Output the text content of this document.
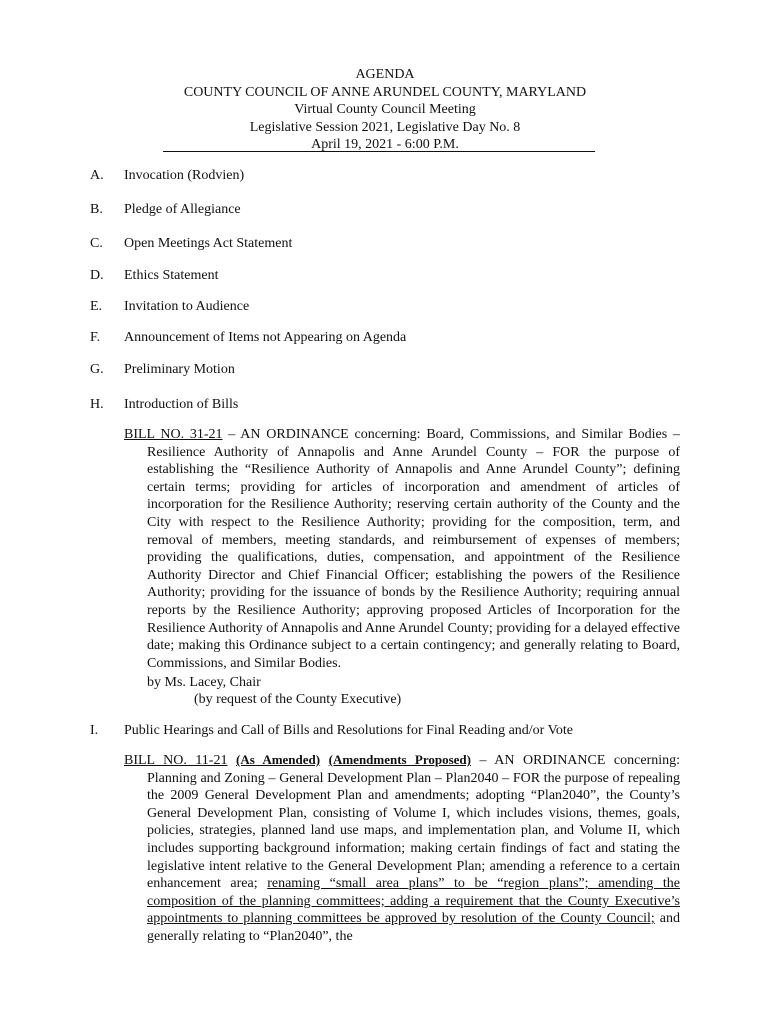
AGENDA
COUNTY COUNCIL OF ANNE ARUNDEL COUNTY, MARYLAND
Virtual County Council Meeting
Legislative Session 2021, Legislative Day No. 8
April 19, 2021 - 6:00 P.M.
A. Invocation (Rodvien)
B. Pledge of Allegiance
C. Open Meetings Act Statement
D. Ethics Statement
E. Invitation to Audience
F. Announcement of Items not Appearing on Agenda
G. Preliminary Motion
H. Introduction of Bills
BILL NO. 31-21 – AN ORDINANCE concerning: Board, Commissions, and Similar Bodies – Resilience Authority of Annapolis and Anne Arundel County – FOR the purpose of establishing the “Resilience Authority of Annapolis and Anne Arundel County”; defining certain terms; providing for articles of incorporation and amendment of articles of incorporation for the Resilience Authority; reserving certain authority of the County and the City with respect to the Resilience Authority; providing for the composition, term, and removal of members, meeting standards, and reimbursement of expenses of members; providing the qualifications, duties, compensation, and appointment of the Resilience Authority Director and Chief Financial Officer; establishing the powers of the Resilience Authority; providing for the issuance of bonds by the Resilience Authority; requiring annual reports by the Resilience Authority; approving proposed Articles of Incorporation for the Resilience Authority of Annapolis and Anne Arundel County; providing for a delayed effective date; making this Ordinance subject to a certain contingency; and generally relating to Board, Commissions, and Similar Bodies.
by Ms. Lacey, Chair
(by request of the County Executive)
I. Public Hearings and Call of Bills and Resolutions for Final Reading and/or Vote
BILL NO. 11-21 (As Amended) (Amendments Proposed) – AN ORDINANCE concerning: Planning and Zoning – General Development Plan – Plan2040 – FOR the purpose of repealing the 2009 General Development Plan and amendments; adopting “Plan2040”, the County’s General Development Plan, consisting of Volume I, which includes visions, themes, goals, policies, strategies, planned land use maps, and implementation plan, and Volume II, which includes supporting background information; making certain findings of fact and stating the legislative intent relative to the General Development Plan; amending a reference to a certain enhancement area; renaming “small area plans” to be “region plans”; amending the composition of the planning committees; adding a requirement that the County Executive’s appointments to planning committees be approved by resolution of the County Council; and generally relating to “Plan2040”, the
